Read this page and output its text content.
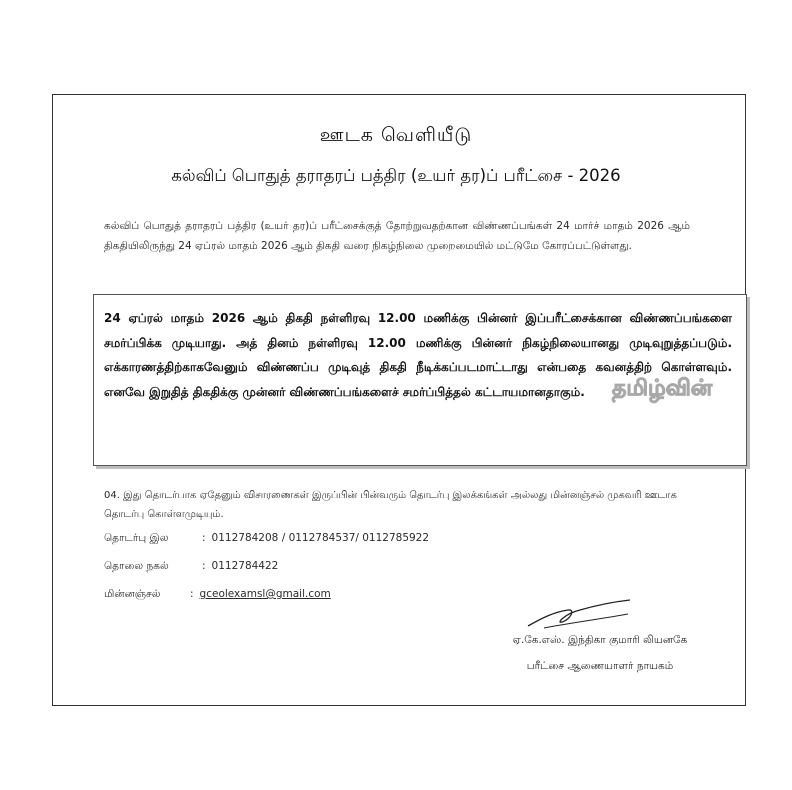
ஊடக வெளியீடு
கல்விப் பொதுத் தராதரப் பத்திர (உயர் தர)ப் பரீட்சை - 2026
கல்விப் பொதுத் தராதரப் பத்திர (உயர் தர)ப் பரீட்சைக்குத் தோற்றுவதற்கான விண்ணப்பங்கள் 24 மார்ச் மாதம் 2026 ஆம் திகதியிலிருந்து 24 ஏப்ரல் மாதம் 2026 ஆம் திகதி வரை நிகழ்நிலை முறைமையில் மட்டுமே கோரப்பட்டுள்ளது.
24 ஏப்ரல் மாதம் 2026 ஆம் திகதி நள்ளிரவு 12.00 மணிக்கு பின்னர் இப்பரீட்சைக்கான விண்ணப்பங்களை சமர்ப்பிக்க முடியாது. அத் தினம் நள்ளிரவு 12.00 மணிக்கு பின்னர் நிகழ்நிலையானது முடிவுறுத்தப்படும். எக்காரணத்திற்காகவேனும் விண்ணப்ப முடிவுத் திகதி நீடிக்கப்படமாட்டாது என்பதை கவனத்திற் கொள்ளவும். எனவே இறுதித் திகதிக்கு முன்னர் விண்ணப்பங்களைச் சமர்ப்பித்தல் கட்டாயமானதாகும்.	தமிழ்வின்
04. இது தொடர்பாக ஏதேனும் விசாரணைகள் இருப்பின் பின்வரும் தொடர்பு இலக்கங்கள் அல்லது மின்னஞ்சல் முகவரி ஊடாக தொடர்பு கொள்ளமுடியும்.
தொடர்பு இல	: 0112784208 / 0112784537/ 0112785922
தொலை நகல்	: 0112784422
மின்னஞ்சல்	: gceolexamsl@gmail.com
ஏ.கே.எஸ். இந்திகா குமாரி லியனகே
பரீட்சை ஆணையாளர் நாயகம்
